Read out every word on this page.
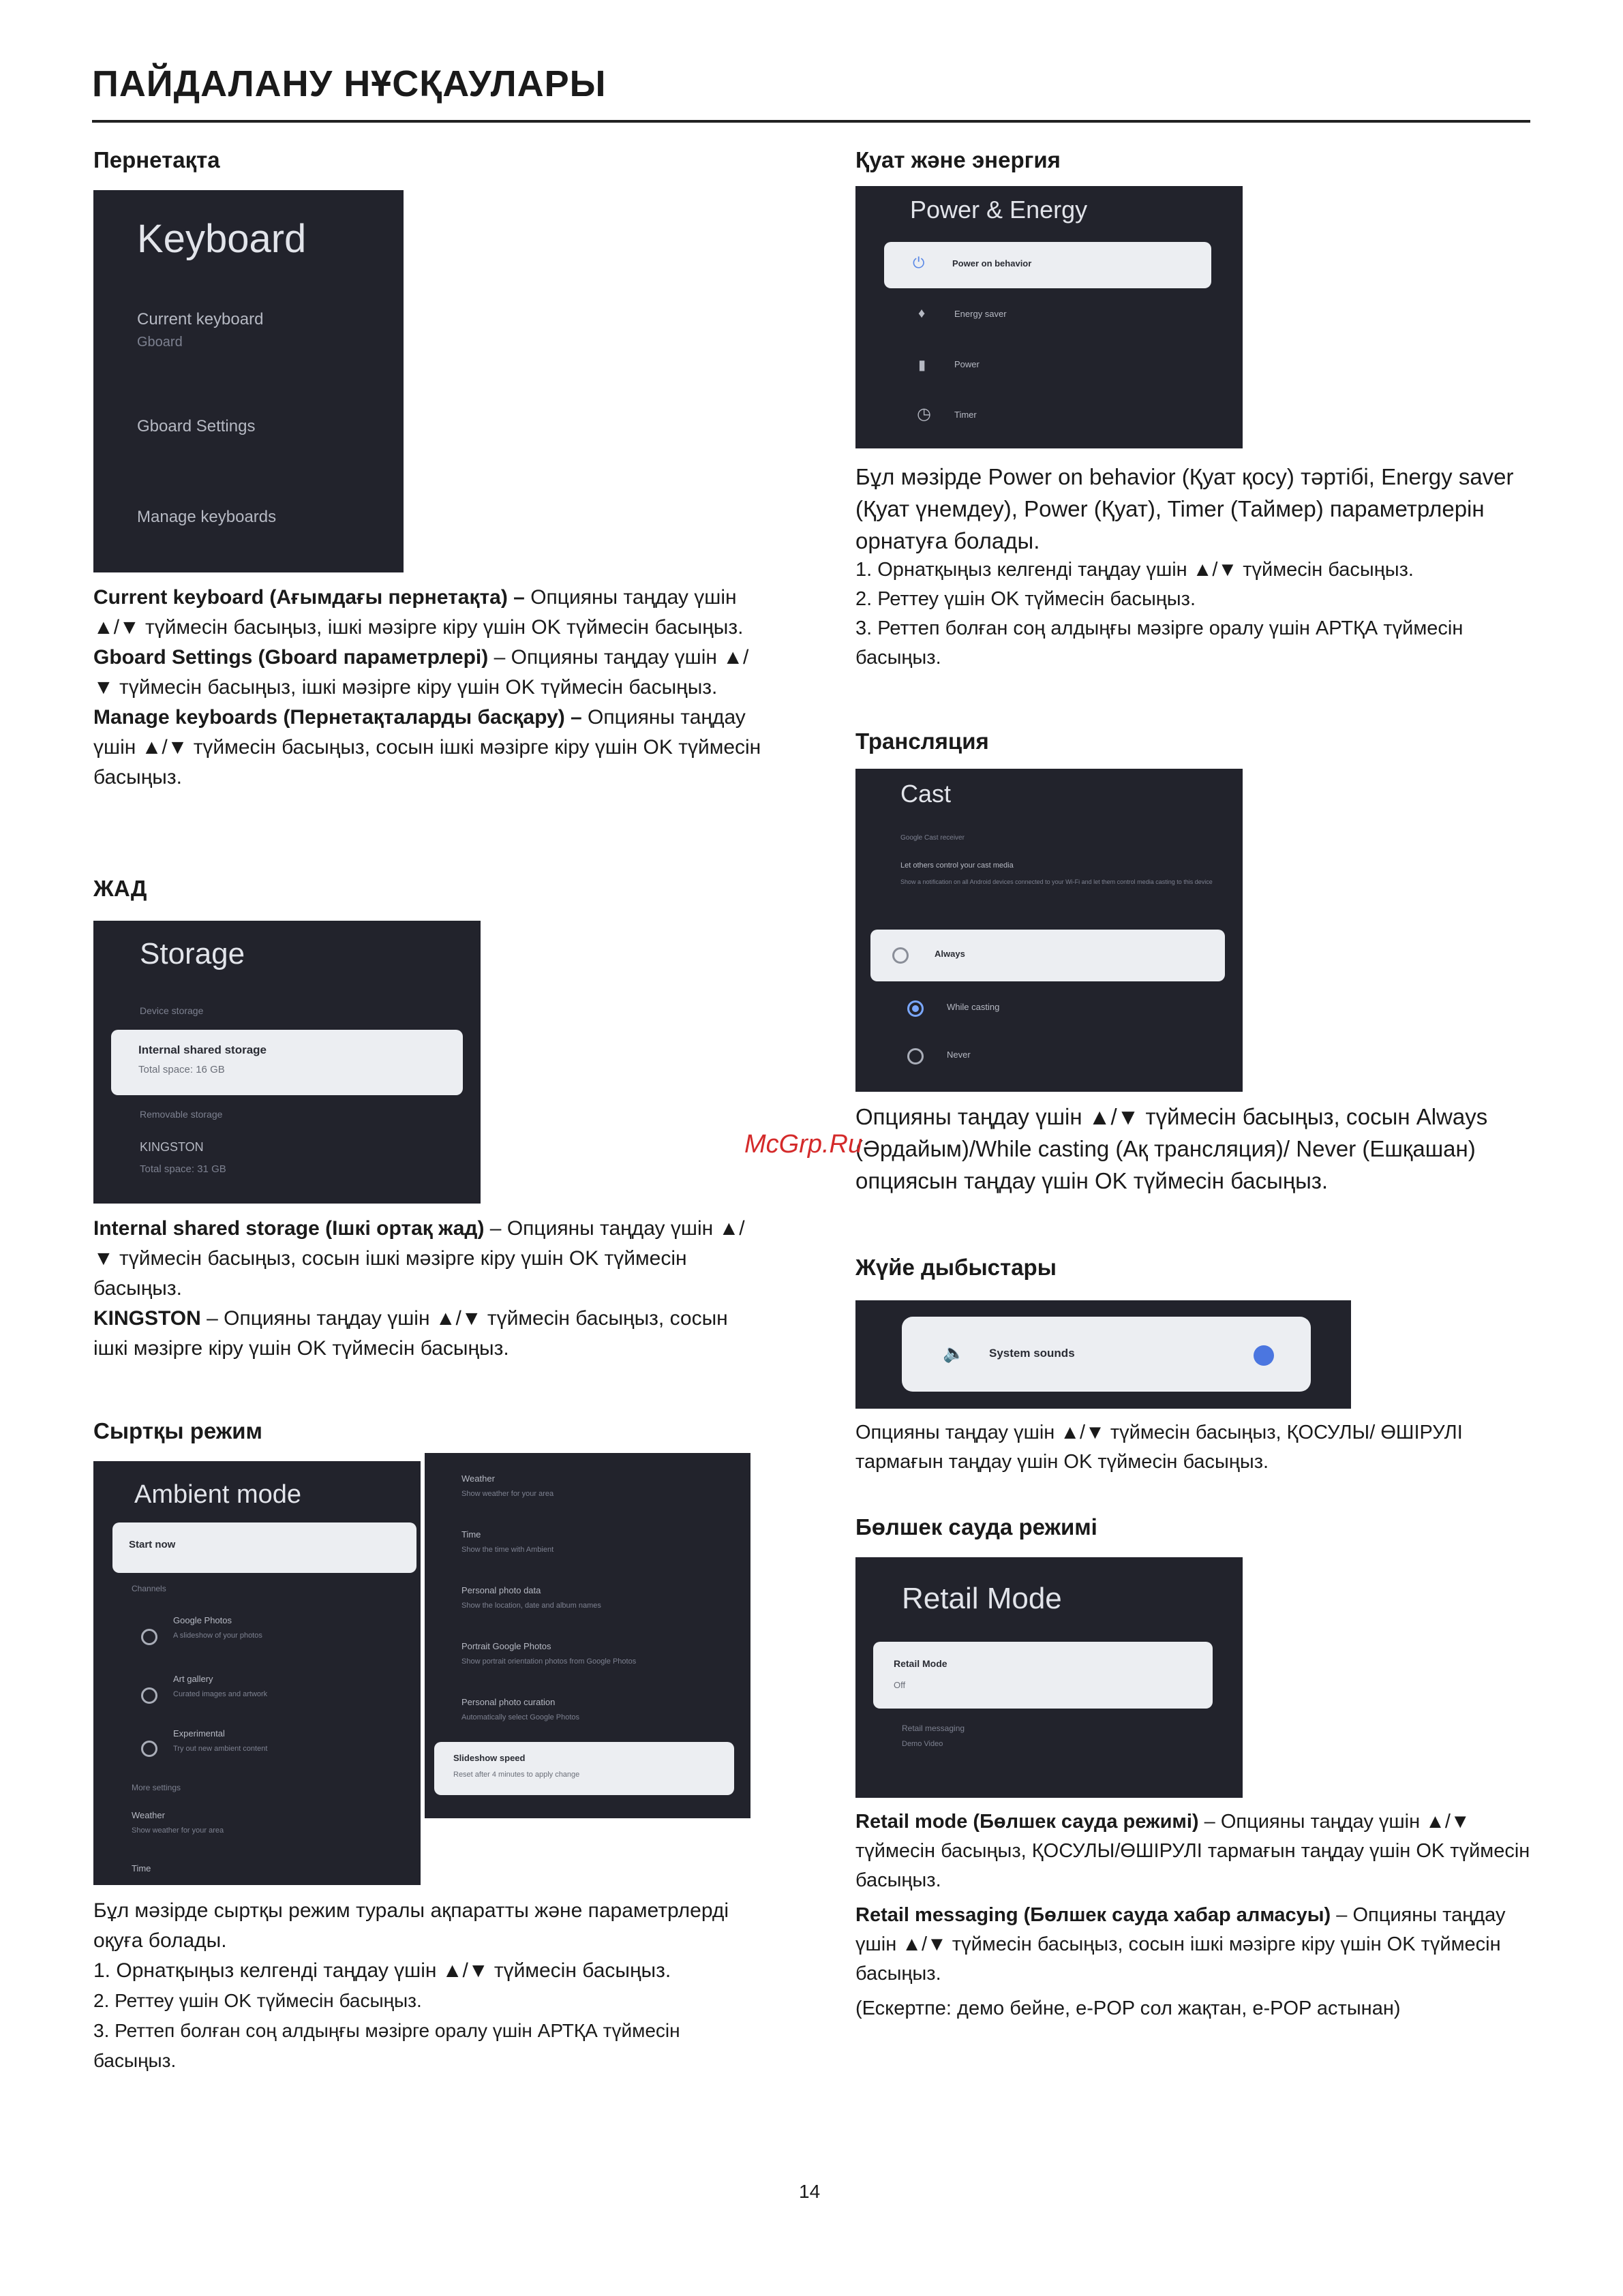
ПАЙДАЛАНУ НҰСҚАУЛАРЫ
Пернетақта
Keyboard
Current keyboard
Gboard
Gboard Settings
Manage keyboards
Current keyboard (Ағымдағы пернетақта) – Опцияны таңдау үшін ▲/▼ түймесін басыңыз, ішкі мәзірге кіру үшін OK түймесін басыңыз.
Gboard Settings (Gboard параметрлері) – Опцияны таңдау үшін ▲/▼ түймесін басыңыз, ішкі мәзірге кіру үшін OK түймесін басыңыз.
Manage keyboards (Пернетақталарды басқару) – Опцияны таңдау үшін ▲/▼ түймесін басыңыз, сосын ішкі мәзірге кіру үшін OK түймесін басыңыз.
ЖАД
Storage
Device storage
Internal shared storage
Total space: 16 GB
Removable storage
KINGSTON
Total space: 31 GB
Internal shared storage (Ішкі ортақ жад) – Опцияны таңдау үшін ▲/▼ түймесін басыңыз, сосын ішкі мәзірге кіру үшін OK түймесін басыңыз.
KINGSTON – Опцияны таңдау үшін ▲/▼ түймесін басыңыз, сосын ішкі мәзірге кіру үшін OK түймесін басыңыз.
Сыртқы режим
Ambient mode
Start now
Channels
Google Photos
A slideshow of your photos
Art gallery
Curated images and artwork
Experimental
Try out new ambient content
More settings
Weather
Show weather for your area
Time
Weather
Show weather for your area
Time
Show the time with Ambient
Personal photo data
Show the location, date and album names
Portrait Google Photos
Show portrait orientation photos from Google Photos
Personal photo curation
Automatically select Google Photos
Slideshow speed
Reset after 4 minutes to apply change
Бұл мәзірде сыртқы режим туралы ақпаратты және параметрлерді оқуға болады.
1. Орнатқыңыз келгенді таңдау үшін ▲/▼ түймесін басыңыз.
2. Реттеу үшін OK түймесін басыңыз.
3. Реттеп болған соң алдыңғы мәзірге оралу үшін АРТҚА түймесін басыңыз.
Қуат және энергия
Power & Energy
⏻	Power on behavior
♦	Energy saver
▮	Power
◷	Timer
Бұл мәзірде Power on behavior (Қуат қосу) тәртібі, Energy saver (Қуат үнемдеу), Power (Қуат), Timer (Таймер) параметрлерін орнатуға болады.
1. Орнатқыңыз келгенді таңдау үшін ▲/▼ түймесін басыңыз.
2. Реттеу үшін OK түймесін басыңыз.
3. Реттеп болған соң алдыңғы мәзірге оралу үшін АРТҚА түймесін басыңыз.
Трансляция
Cast
Google Cast receiver
Let others control your cast media
Show a notification on all Android devices connected to your Wi-Fi and let them control media casting to this device
Always
While casting
Never
Опцияны таңдау үшін ▲/▼ түймесін басыңыз, сосын Always (Әрдайым)/While casting (Ақ трансляция)/ Never (Ешқашан) опциясын таңдау үшін OK түймесін басыңыз.
Жүйе дыбыстары
🔈 System sounds
Опцияны таңдау үшін ▲/▼ түймесін басыңыз, ҚОСУЛЫ/ ӨШІРУЛІ тармағын таңдау үшін OK түймесін басыңыз.
Бөлшек сауда режимі
Retail Mode
Retail Mode
Off
Retail messaging
Demo Video
Retail mode (Бөлшек сауда режимі) – Опцияны таңдау үшін ▲/▼ түймесін басыңыз, ҚОСУЛЫ/ӨШІРУЛІ тармағын таңдау үшін OK түймесін басыңыз.
Retail messaging (Бөлшек сауда хабар алмасуы) – Опцияны таңдау үшін ▲/▼ түймесін басыңыз, сосын ішкі мәзірге кіру үшін OK түймесін басыңыз.
(Ескертпе: демо бейне, e-POP сол жақтан, e-POP астынан)
McGrp.Ru
14
